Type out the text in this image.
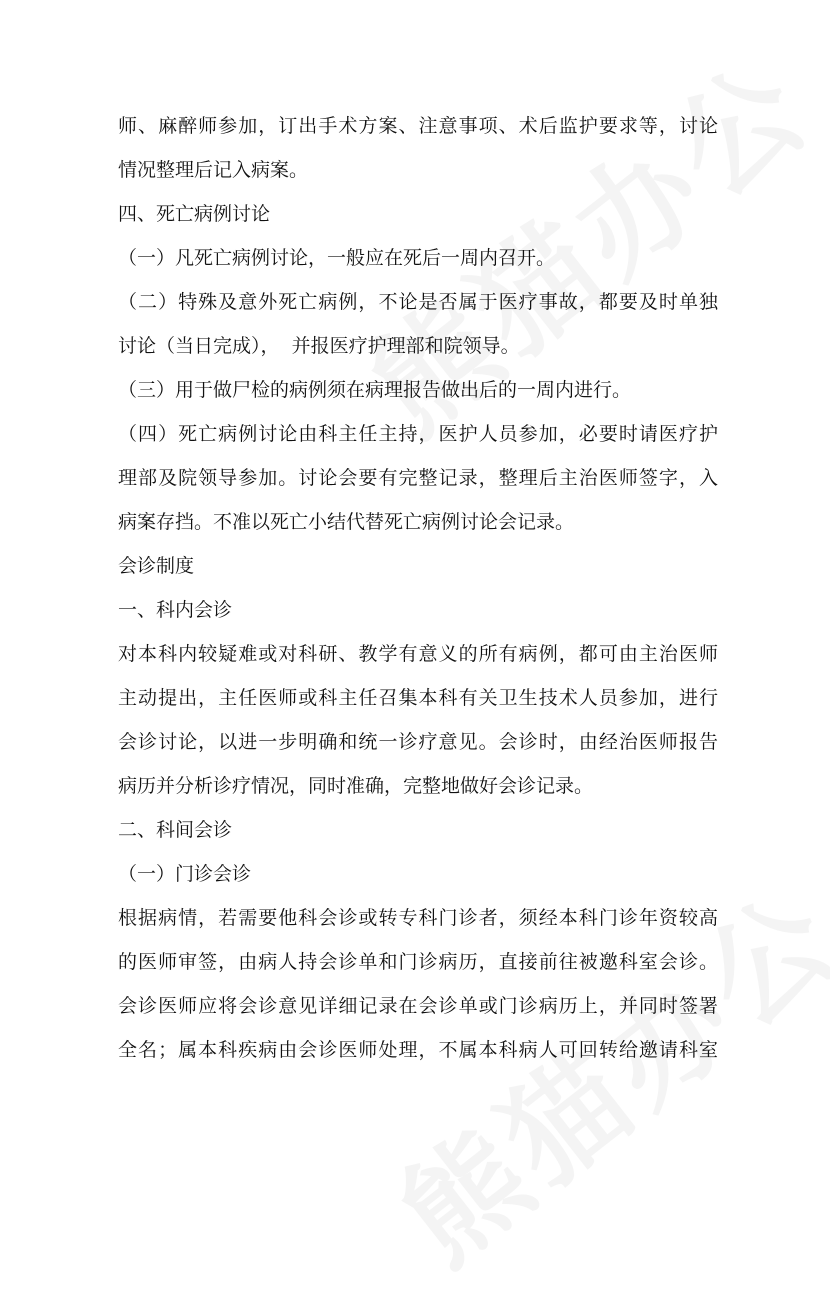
师、麻醉师参加，订出手术方案、注意事项、术后监护要求等，讨论
情况整理后记入病案。
四、死亡病例讨论
（一）凡死亡病例讨论，一般应在死后一周内召开。
（二）特殊及意外死亡病例，不论是否属于医疗事故，都要及时单独
讨论（当日完成），  并报医疗护理部和院领导。
（三）用于做尸检的病例须在病理报告做出后的一周内进行。
（四）死亡病例讨论由科主任主持，医护人员参加，必要时请医疗护
理部及院领导参加。讨论会要有完整记录，整理后主治医师签字，入
病案存挡。不准以死亡小结代替死亡病例讨论会记录。
会诊制度
一、科内会诊
对本科内较疑难或对科研、教学有意义的所有病例，都可由主治医师
主动提出，主任医师或科主任召集本科有关卫生技术人员参加，进行
会诊讨论，以进一步明确和统一诊疗意见。会诊时，由经治医师报告
病历并分析诊疗情况，同时准确，完整地做好会诊记录。
二、科间会诊
（一）门诊会诊
根据病情，若需要他科会诊或转专科门诊者，须经本科门诊年资较高
的医师审签，由病人持会诊单和门诊病历，直接前往被邀科室会诊。
会诊医师应将会诊意见详细记录在会诊单或门诊病历上，并同时签署
全名；属本科疾病由会诊医师处理，不属本科病人可回转给邀请科室
